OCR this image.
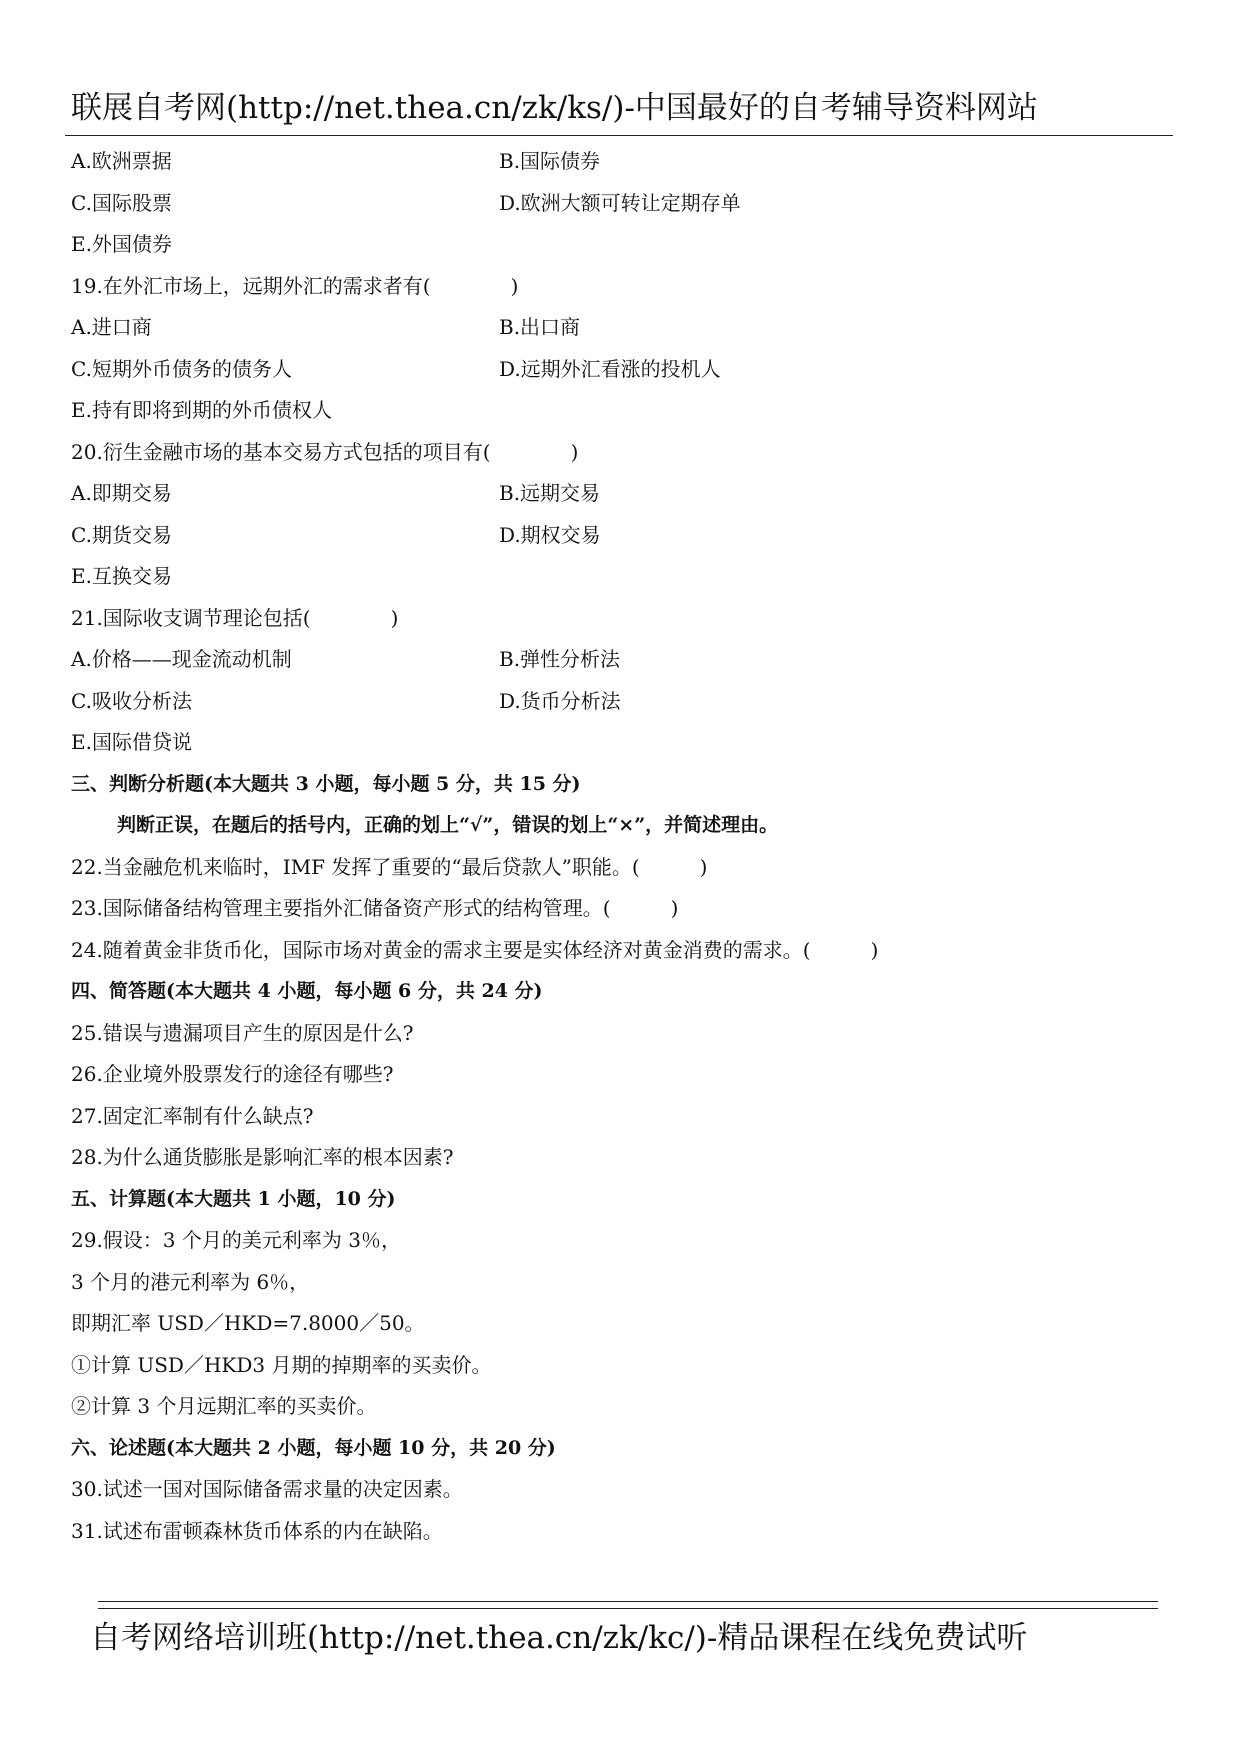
联展自考网(http://net.thea.cn/zk/ks/)-中国最好的自考辅导资料网站
A.欧洲票据	B.国际债券
C.国际股票	D.欧洲大额可转让定期存单
E.外国债券
19.在外汇市场上，远期外汇的需求者有(　　　　)
A.进口商	B.出口商
C.短期外币债务的债务人	D.远期外汇看涨的投机人
E.持有即将到期的外币债权人
20.衍生金融市场的基本交易方式包括的项目有(　　　　)
A.即期交易	B.远期交易
C.期货交易	D.期权交易
E.互换交易
21.国际收支调节理论包括(　　　　)
A.价格——现金流动机制	B.弹性分析法
C.吸收分析法	D.货币分析法
E.国际借贷说
三、判断分析题(本大题共 3 小题，每小题 5 分，共 15 分)
判断正误，在题后的括号内，正确的划上“√”，错误的划上“×”，并简述理由。
22.当金融危机来临时，IMF 发挥了重要的“最后贷款人”职能。(　　　)
23.国际储备结构管理主要指外汇储备资产形式的结构管理。(　　　)
24.随着黄金非货币化，国际市场对黄金的需求主要是实体经济对黄金消费的需求。(　　　)
四、简答题(本大题共 4 小题，每小题 6 分，共 24 分)
25.错误与遗漏项目产生的原因是什么?
26.企业境外股票发行的途径有哪些?
27.固定汇率制有什么缺点?
28.为什么通货膨胀是影响汇率的根本因素?
五、计算题(本大题共 1 小题，10 分)
29.假设：3 个月的美元利率为 3％，
3 个月的港元利率为 6％，
即期汇率 USD／HKD=7.8000／50。
①计算 USD／HKD3 月期的掉期率的买卖价。
②计算 3 个月远期汇率的买卖价。
六、论述题(本大题共 2 小题，每小题 10 分，共 20 分)
30.试述一国对国际储备需求量的决定因素。
31.试述布雷顿森林货币体系的内在缺陷。
自考网络培训班(http://net.thea.cn/zk/kc/)-精品课程在线免费试听
